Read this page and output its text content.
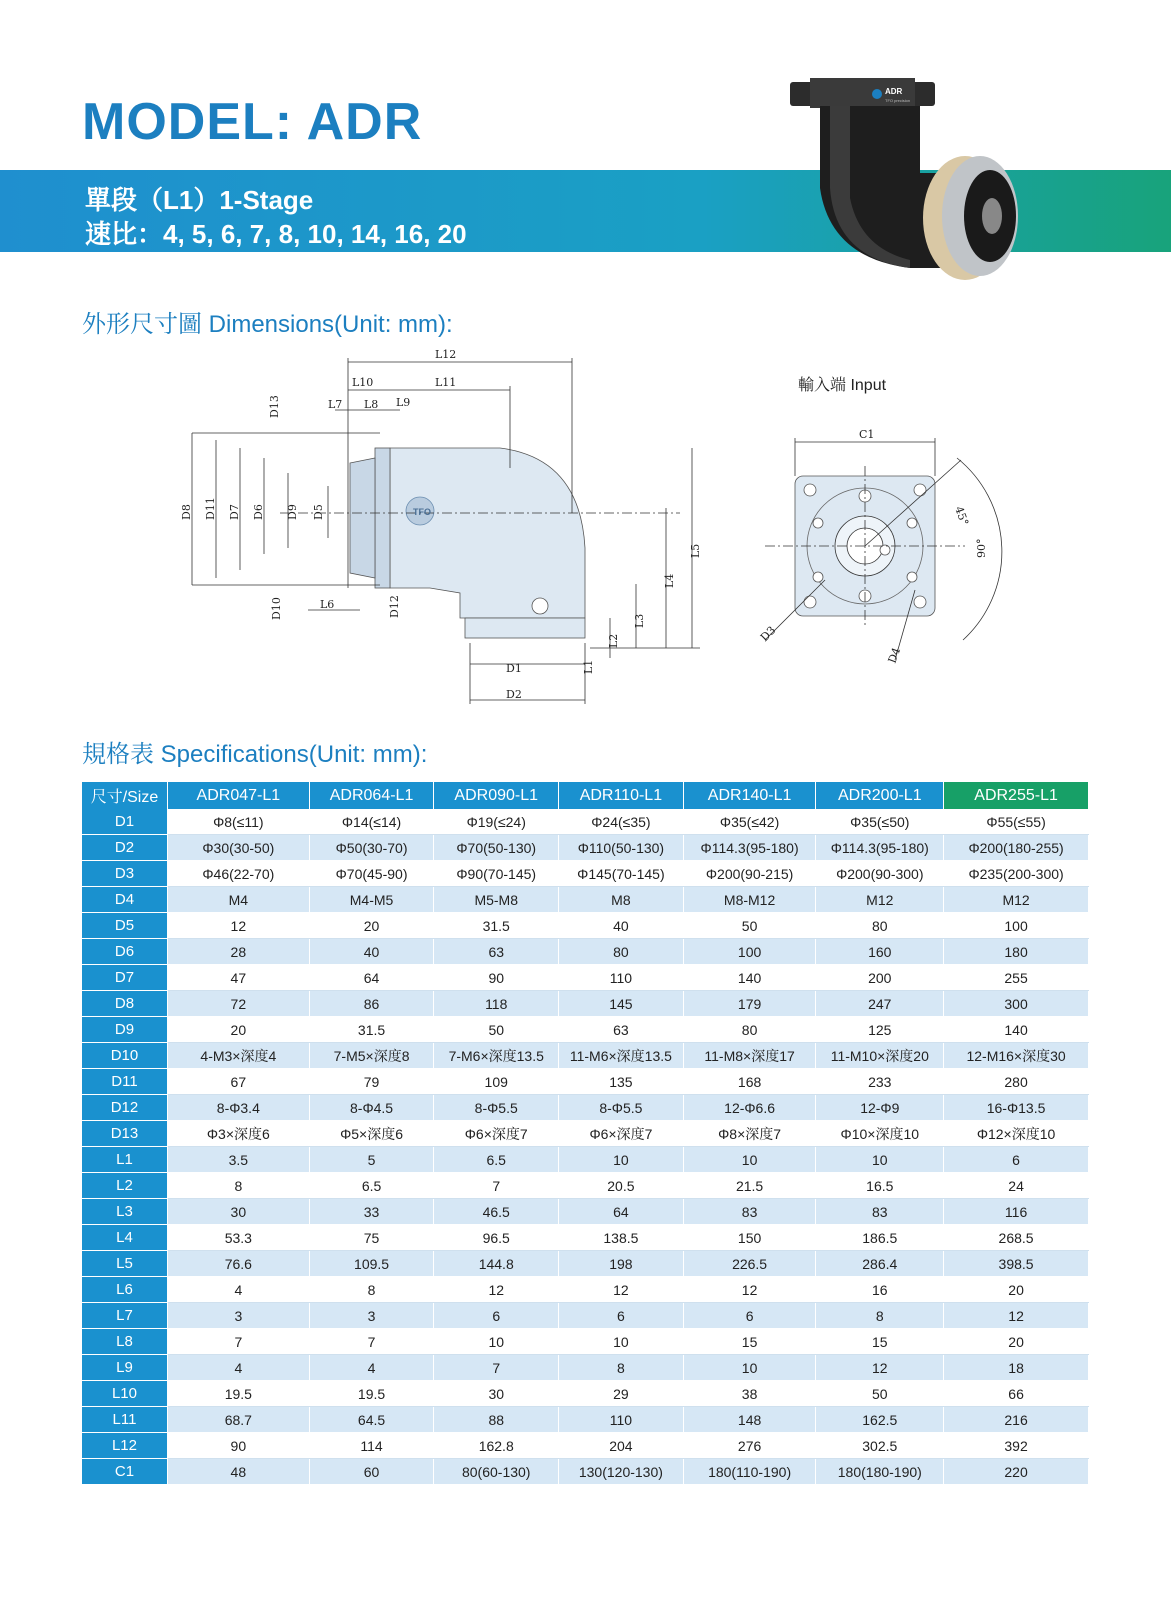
MODEL: ADR
單段（L1）1-Stage
速比：4, 5, 6, 7, 8, 10, 14, 16, 20
ADR
TFO precision
外形尺寸圖 Dimensions(Unit: mm):
L12
L10	L11
L7 L8 L9
D13
D8 D11 D7 D6 D9 D5
D10	L6	D12
D1
D2
L1
L2
L3
L4
L5
TFO
輸入端 Input
C1
45°
90°
D3
D4
規格表 Specifications(Unit: mm):
尺寸/Size	ADR047-L1	ADR064-L1	ADR090-L1	ADR110-L1	ADR140-L1	ADR200-L1	ADR255-L1
D1	Φ8(≤11)	Φ14(≤14)	Φ19(≤24)	Φ24(≤35)	Φ35(≤42)	Φ35(≤50)	Φ55(≤55)
D2	Φ30(30-50)	Φ50(30-70)	Φ70(50-130)	Φ110(50-130)	Φ114.3(95-180)	Φ114.3(95-180)	Φ200(180-255)
D3	Φ46(22-70)	Φ70(45-90)	Φ90(70-145)	Φ145(70-145)	Φ200(90-215)	Φ200(90-300)	Φ235(200-300)
D4	M4	M4-M5	M5-M8	M8	M8-M12	M12	M12
D5	12	20	31.5	40	50	80	100
D6	28	40	63	80	100	160	180
D7	47	64	90	110	140	200	255
D8	72	86	118	145	179	247	300
D9	20	31.5	50	63	80	125	140
D10	4-M3×深度4	7-M5×深度8	7-M6×深度13.5	11-M6×深度13.5	11-M8×深度17	11-M10×深度20	12-M16×深度30
D11	67	79	109	135	168	233	280
D12	8-Φ3.4	8-Φ4.5	8-Φ5.5	8-Φ5.5	12-Φ6.6	12-Φ9	16-Φ13.5
D13	Φ3×深度6	Φ5×深度6	Φ6×深度7	Φ6×深度7	Φ8×深度7	Φ10×深度10	Φ12×深度10
L1	3.5	5	6.5	10	10	10	6
L2	8	6.5	7	20.5	21.5	16.5	24
L3	30	33	46.5	64	83	83	116
L4	53.3	75	96.5	138.5	150	186.5	268.5
L5	76.6	109.5	144.8	198	226.5	286.4	398.5
L6	4	8	12	12	12	16	20
L7	3	3	6	6	6	8	12
L8	7	7	10	10	15	15	20
L9	4	4	7	8	10	12	18
L10	19.5	19.5	30	29	38	50	66
L11	68.7	64.5	88	110	148	162.5	216
L12	90	114	162.8	204	276	302.5	392
C1	48	60	80(60-130)	130(120-130)	180(110-190)	180(180-190)	220
